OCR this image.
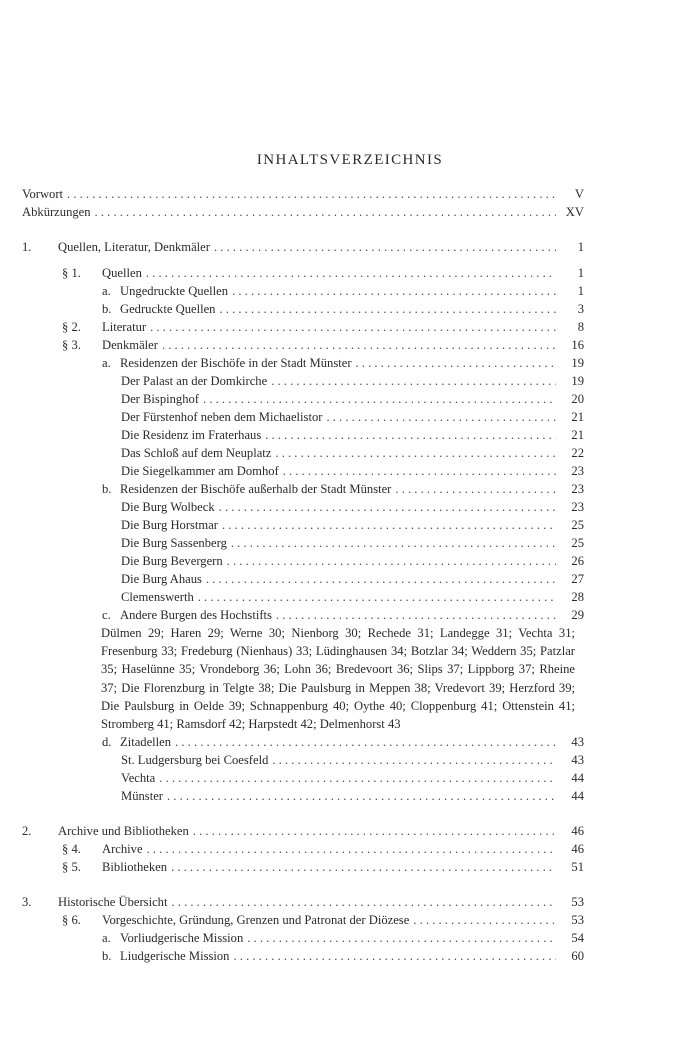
INHALTSVERZEICHNIS
Vorwort . . .	V
Abkürzungen . . .	XV
1.	Quellen, Literatur, Denkmäler . . .	1
§ 1.	Quellen . . .	1
a. Ungedruckte Quellen . . .	1
b. Gedruckte Quellen . . .	3
§ 2.	Literatur . . .	8
§ 3.	Denkmäler . . .	16
a. Residenzen der Bischöfe in der Stadt Münster . . .	19
Der Palast an der Domkirche . . .	19
Der Bispinghof . . .	20
Der Fürstenhof neben dem Michaelistor . . .	21
Die Residenz im Fraterhaus . . .	21
Das Schloß auf dem Neuplatz . . .	22
Die Siegelkammer am Domhof . . .	23
b. Residenzen der Bischöfe außerhalb der Stadt Münster . . .	23
Die Burg Wolbeck . . .	23
Die Burg Horstmar . . .	25
Die Burg Sassenberg . . .	25
Die Burg Bevergern . . .	26
Die Burg Ahaus . . .	27
Clemenswerth . . .	28
c. Andere Burgen des Hochstifts . . .	29
Dülmen 29; Haren 29; Werne 30; Nienborg 30; Rechede 31; Landegge 31; Vechta 31; Fresenburg 33; Fredeburg (Nienhaus) 33; Lüdinghausen 34; Botzlar 34; Weddern 35; Patzlar 35; Haselünne 35; Vrondeborg 36; Lohn 36; Bredevoort 36; Slips 37; Lippborg 37; Rheine 37; Die Florenzburg in Telgte 38; Die Paulsburg in Meppen 38; Vredevort 39; Herzford 39; Die Paulsburg in Oelde 39; Schnappenburg 40; Oythe 40; Cloppenburg 41; Ottenstein 41; Stromberg 41; Ramsdorf 42; Harpstedt 42; Delmenhorst 43
d. Zitadellen . . .	43
St. Ludgersburg bei Coesfeld . . .	43
Vechta . . .	44
Münster . . .	44
2.	Archive und Bibliotheken . . .	46
§ 4.	Archive . . .	46
§ 5.	Bibliotheken . . .	51
3.	Historische Übersicht . . .	53
§ 6.	Vorgeschichte, Gründung, Grenzen und Patronat der Diözese . . .	53
a. Vorliudgerische Mission . . .	54
b. Liudgerische Mission . . .	60
